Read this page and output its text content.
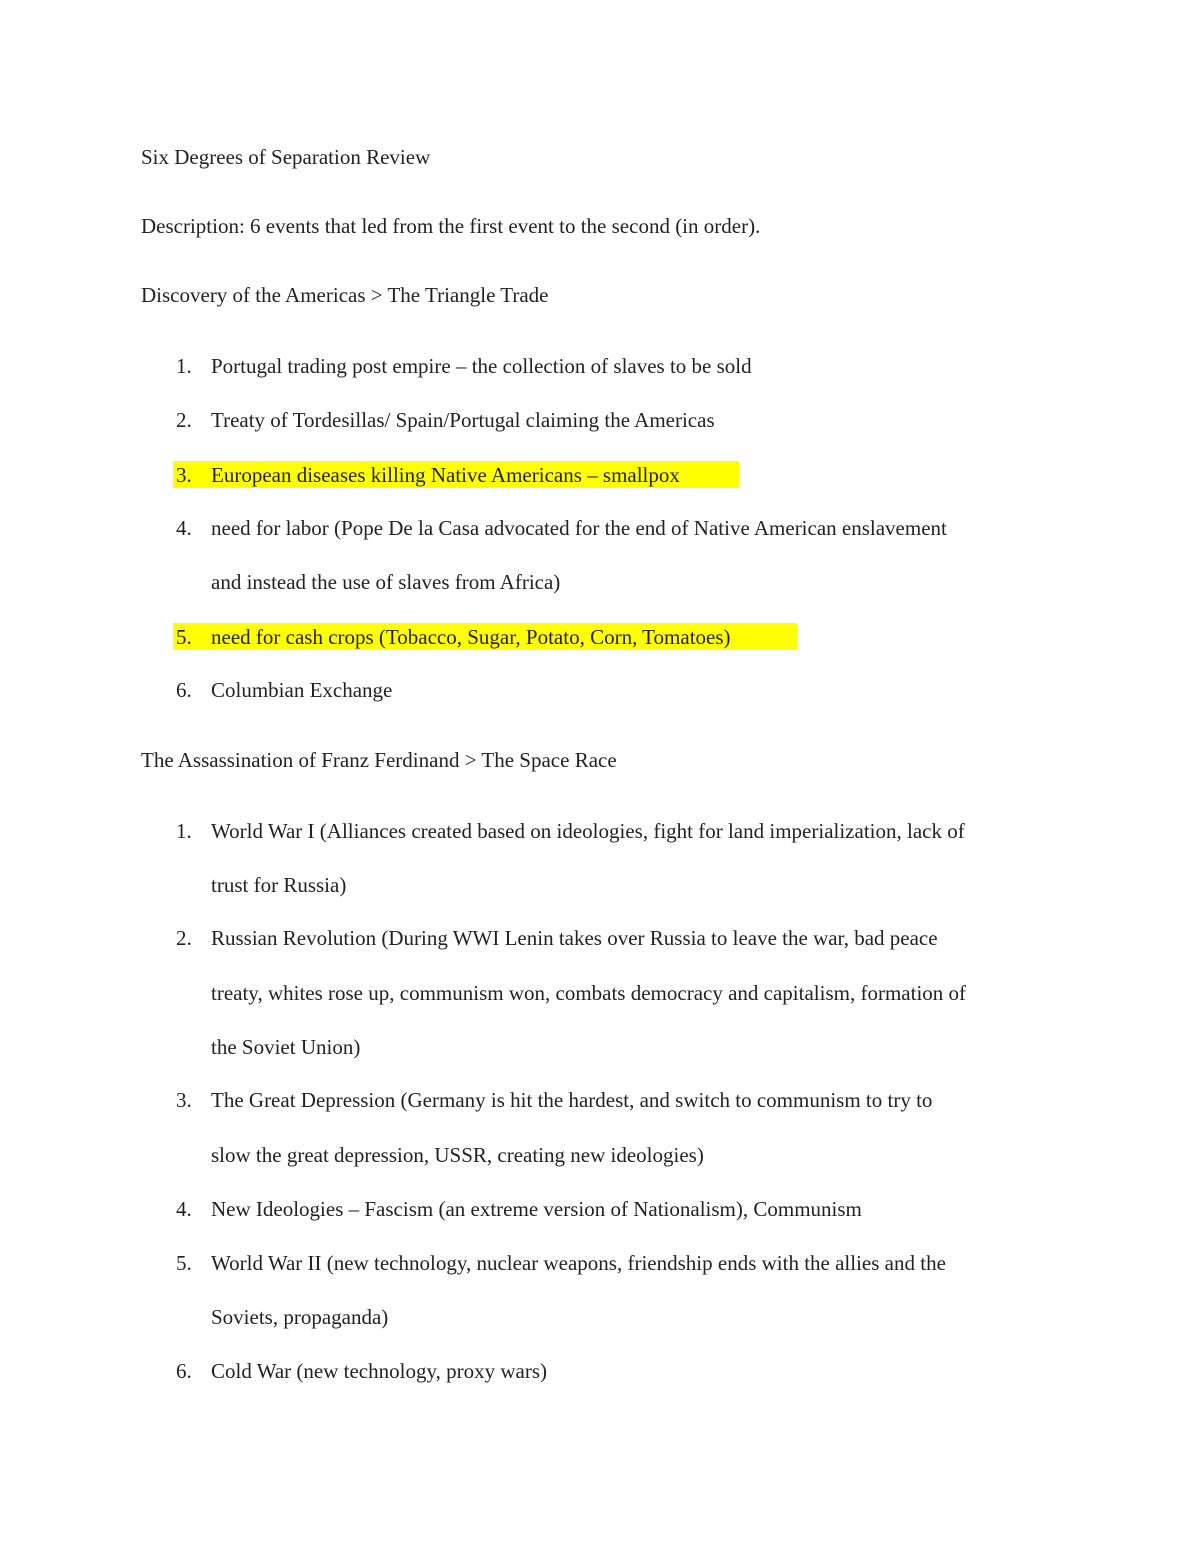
Six Degrees of Separation Review
Description: 6 events that led from the first event to the second (in order).
Discovery of the Americas > The Triangle Trade
1. Portugal trading post empire – the collection of slaves to be sold
2. Treaty of Tordesillas/ Spain/Portugal claiming the Americas
3. European diseases killing Native Americans – smallpox
4. need for labor (Pope De la Casa advocated for the end of Native American enslavement
and instead the use of slaves from Africa)
5. need for cash crops (Tobacco, Sugar, Potato, Corn, Tomatoes)
6. Columbian Exchange
The Assassination of Franz Ferdinand > The Space Race
1. World War I (Alliances created based on ideologies, fight for land imperialization, lack of
trust for Russia)
2. Russian Revolution (During WWI Lenin takes over Russia to leave the war, bad peace
treaty, whites rose up, communism won, combats democracy and capitalism, formation of
the Soviet Union)
3. The Great Depression (Germany is hit the hardest, and switch to communism to try to
slow the great depression, USSR, creating new ideologies)
4. New Ideologies – Fascism (an extreme version of Nationalism), Communism
5. World War II (new technology, nuclear weapons, friendship ends with the allies and the
Soviets, propaganda)
6. Cold War (new technology, proxy wars)
